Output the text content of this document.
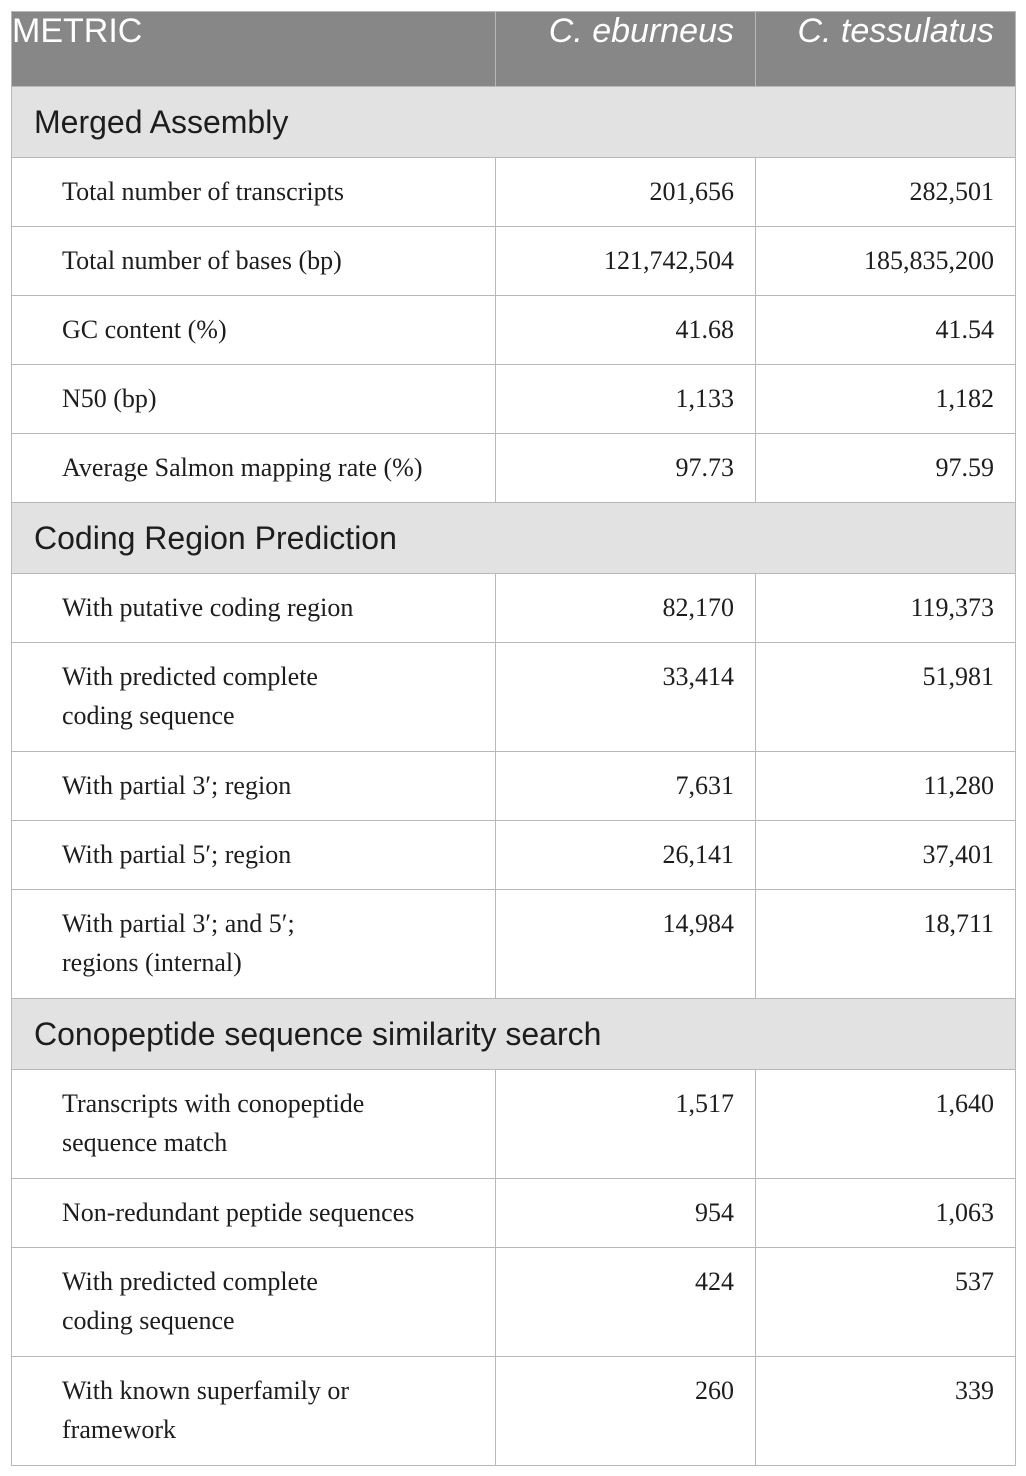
METRIC	C. eburneus	C. tessulatus
Merged Assembly		
Total number of transcripts	201,656	282,501
Total number of bases (bp)	121,742,504	185,835,200
GC content (%)	41.68	41.54
N50 (bp)	1,133	1,182
Average Salmon mapping rate (%)	97.73	97.59
Coding Region Prediction		
With putative coding region	82,170	119,373
With predicted complete coding sequence	33,414	51,981
With partial 3′; region	7,631	11,280
With partial 5′; region	26,141	37,401
With partial 3′; and 5′; regions (internal)	14,984	18,711
Conopeptide sequence similarity search		
Transcripts with conopeptide sequence match	1,517	1,640
Non-redundant peptide sequences	954	1,063
With predicted complete coding sequence	424	537
With known superfamily or framework	260	339
